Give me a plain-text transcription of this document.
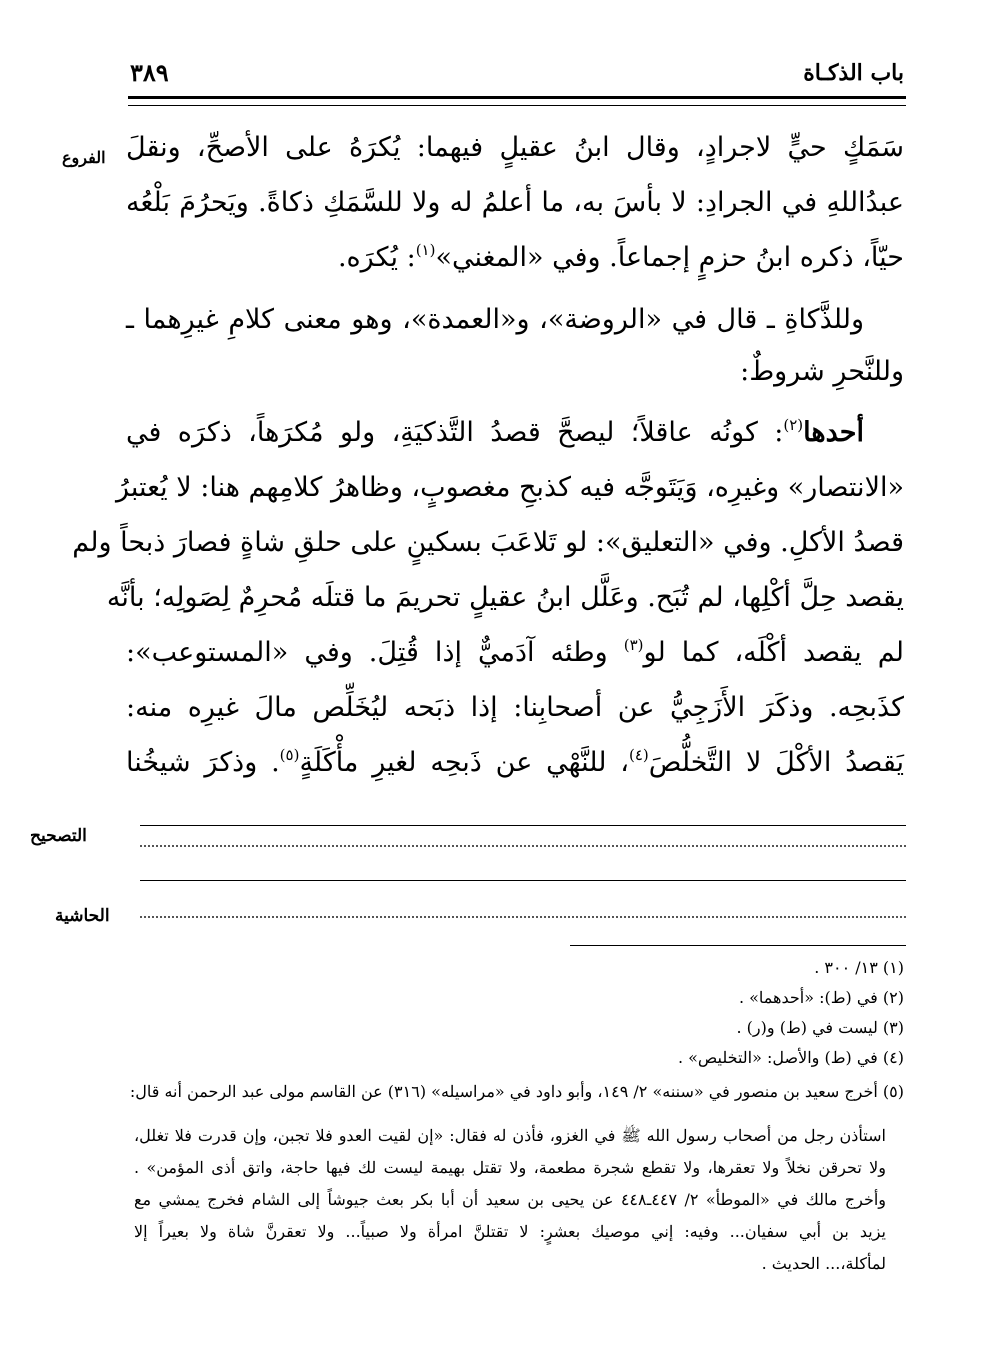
باب الذكـاة
٣٨٩
الفروع سَمَكٍ حيٍّ لاجرادٍ، وقال ابنُ عقيلٍ فيهما: يُكرَهُ على الأصحِّ، ونقلَ
عبدُاللهِ في الجرادِ: لا بأسَ به، ما أعلمُ له ولا للسَّمَكِ ذكاةً. ويَحرُمَ بَلْعُه
حيّاً، ذكره ابنُ حزمٍ إجماعاً. وفي «المغني»$^{(١)}$: يُكرَه.
وللذَّكاةِ ـ قال في «الروضة»، و«العمدة»، وهو معنى كلامِ غيرِهما ـ
وللنَّحرِ شروطٌ:
أحدها$^{(٢)}$: كونُه عاقلاً؛ ليصحَّ قصدُ التَّذكيَةِ، ولو مُكرَهاً، ذكرَه في
«الانتصار» وغيرِه، وَيَتَوجَّه فيه كذبحِ مغصوبٍ، وظاهرُ كلامِهم هنا: لا يُعتبرُ
قصدُ الأكلِ. وفي «التعليق»: لو تَلاعَبَ بسكينٍ على حلقِ شاةٍ فصارَ ذبحاً ولم
يقصد حِلَّ أكْلِها، لم تُبَح. وعَلَّل ابنُ عقيلٍ تحريمَ ما قتلَه مُحرِمٌ لِصَولِه؛ بأنَّه
لم يقصد أكْلَه، كما لو$^{(٣)}$ وطئه آدَميٌّ إذا قُتِلَ. وفي «المستوعب»:
كذَبحِه. وذكَرَ الأَزَجِيُّ عن أصحابِنا: إذا ذبَحه ليُخَلِّص مالَ غيرِه منه:
يَقصدُ الأكْلَ لا التَّخلُّصَ$^{(٤)}$، للنَّهْي عن ذَبحِه لغيرِ مأْكَلَةٍ$^{(٥)}$. وذكرَ شيخُنا
التصحيح
الحاشية
(١) ١٣/ ٣٠٠ .
(٢) في (ط): «أحدهما» .
(٣) ليست في (ط) و(ر) .
(٤) في (ط) والأصل: «التخليص» .
(٥) أخرج سعيد بن منصور في «سننه» ٢/ ١٤٩، وأبو داود في «مراسيله» (٣١٦) عن القاسم مولى عبد الرحمن أنه قال:
استأذن رجل من أصحاب رسول الله ﷺ في الغزو، فأذن له فقال: «إن لقيت العدو فلا تجبن، وإن قدرت فلا تغلل،
ولا تحرقن نخلاً ولا تعقرها، ولا تقطع شجرة مطعمة، ولا تقتل بهيمة ليست لك فيها حاجة، واتق أذى المؤمن» .
وأخرج مالك في «الموطأ» ٢/ ٤٤٧ـ٤٤٨ عن يحيى بن سعيد أن أبا بكر بعث جيوشاً إلى الشام فخرج يمشي مع
يزيد بن أبي سفيان... وفيه: إني موصيك بعشرٍ: لا تقتلنَّ امرأة ولا صبياً... ولا تعقرنَّ شاة ولا بعيراً إلا
لمأكلة،... الحديث .
